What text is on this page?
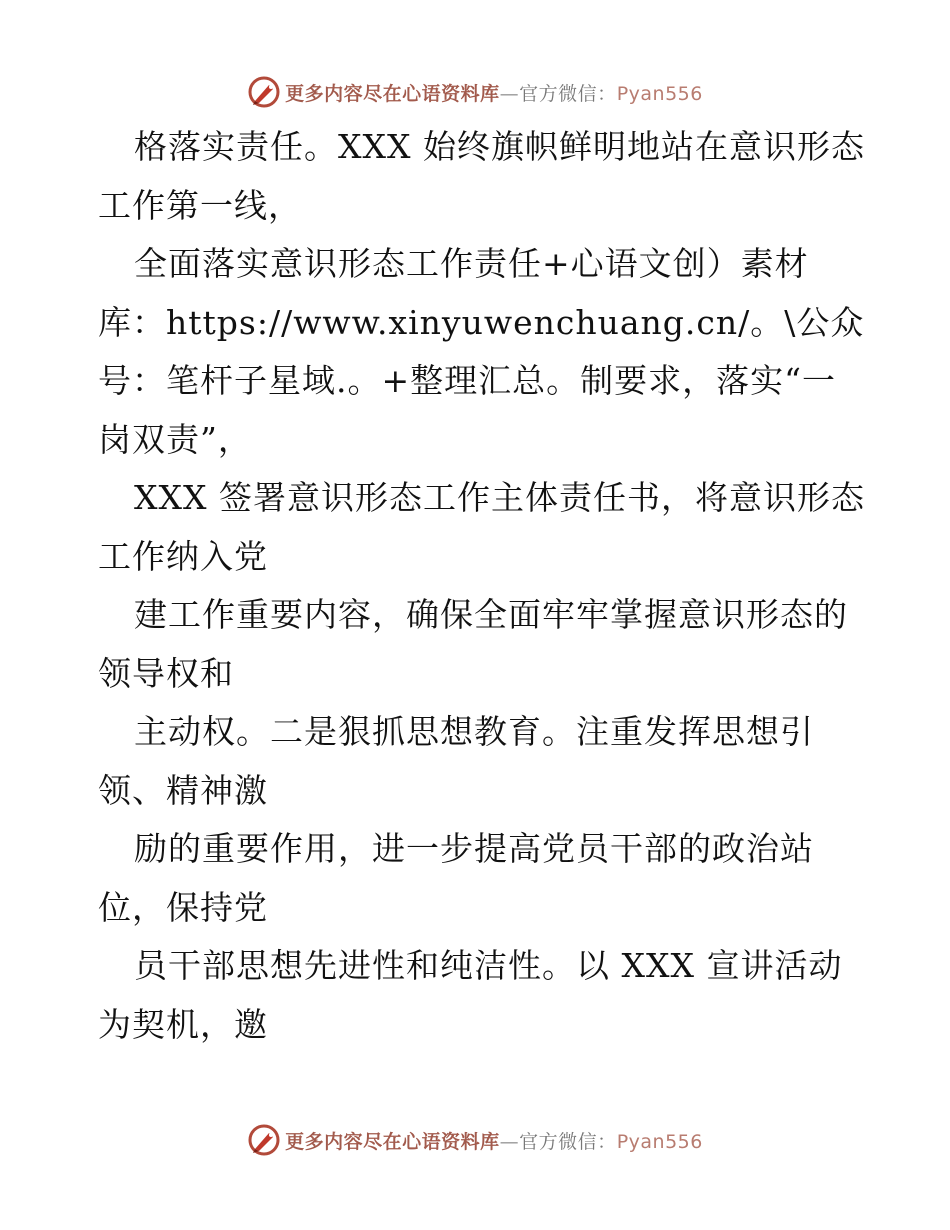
更多内容尽在心语资料库—官方微信：Pyan556
格落实责任。XXX 始终旗帜鲜明地站在意识形态
工作第一线，
全面落实意识形态工作责任+心语文创）素材
库：https://www.xinyuwenchuang.cn/。\公众
号：笔杆子星域.。+整理汇总。制要求，落实“一
岗双责”，
XXX 签署意识形态工作主体责任书，将意识形态
工作纳入党
建工作重要内容，确保全面牢牢掌握意识形态的
领导权和
主动权。二是狠抓思想教育。注重发挥思想引
领、精神激
励的重要作用，进一步提高党员干部的政治站
位，保持党
员干部思想先进性和纯洁性。以 XXX 宣讲活动
为契机，邀
更多内容尽在心语资料库—官方微信：Pyan556
